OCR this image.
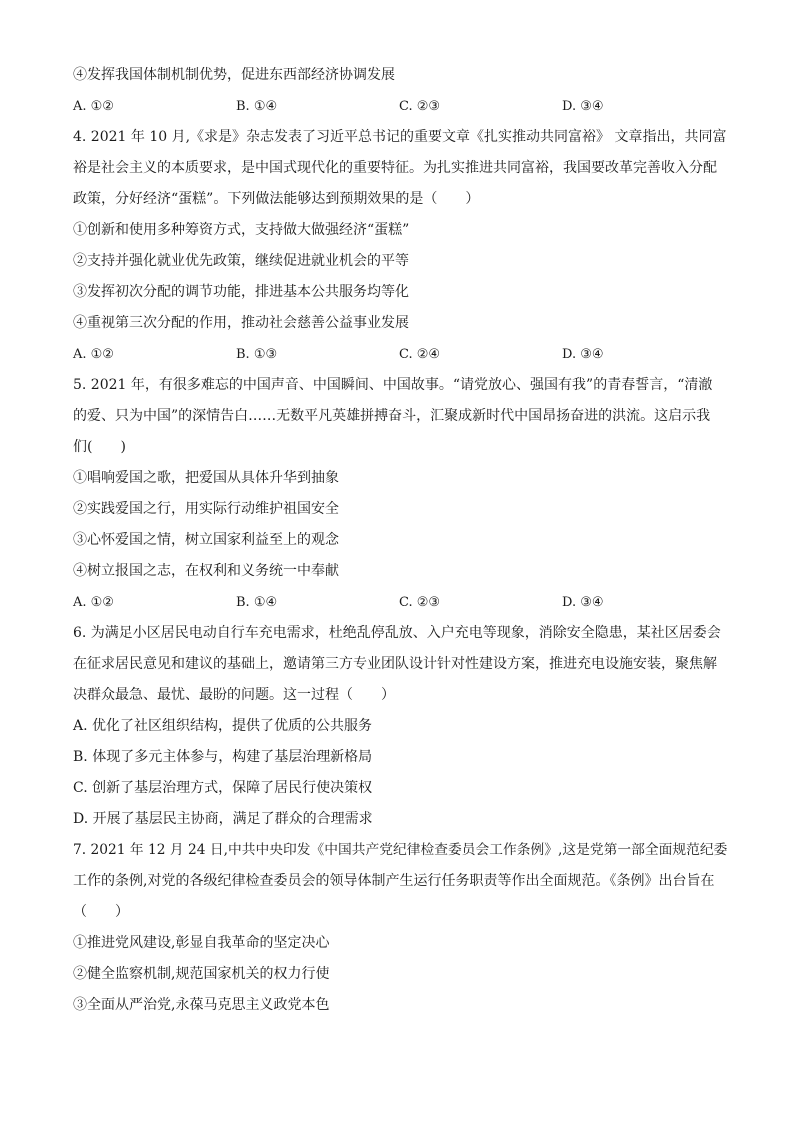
④发挥我国体制机制优势，促进东西部经济协调发展
A. ①②	B. ①④	C. ②③	D. ③④
4. 2021 年 10 月,《求是》杂志发表了习近平总书记的重要文章《扎实推动共同富裕》 文章指出，共同富
裕是社会主义的本质要求，是中国式现代化的重要特征。为扎实推进共同富裕，我国要改革完善收入分配
政策，分好经济“蛋糕”。下列做法能够达到预期效果的是（　　）
①创新和使用多种筹资方式，支持做大做强经济“蛋糕”
②支持并强化就业优先政策，继续促进就业机会的平等
③发挥初次分配的调节功能，排进基本公共服务均等化
④重视第三次分配的作用，推动社会慈善公益事业发展
A. ①②	B. ①③	C. ②④	D. ③④
5. 2021 年，有很多难忘的中国声音、中国瞬间、中国故事。“请党放心、强国有我”的青春誓言，“清澈
的爱、只为中国”的深情告白……无数平凡英雄拼搏奋斗，汇聚成新时代中国昂扬奋进的洪流。这启示我
们(　　)
①唱响爱国之歌，把爱国从具体升华到抽象
②实践爱国之行，用实际行动维护祖国安全
③心怀爱国之情，树立国家利益至上的观念
④树立报国之志，在权利和义务统一中奉献
A. ①②	B. ①④	C. ②③	D. ③④
6. 为满足小区居民电动自行车充电需求，杜绝乱停乱放、入户充电等现象，消除安全隐患，某社区居委会
在征求居民意见和建议的基础上，邀请第三方专业团队设计针对性建设方案，推进充电设施安装，聚焦解
决群众最急、最忧、最盼的问题。这一过程（　　）
A. 优化了社区组织结构，提供了优质的公共服务
B. 体现了多元主体参与，构建了基层治理新格局
C. 创新了基层治理方式，保障了居民行使决策权
D. 开展了基层民主协商，满足了群众的合理需求
7. 2021 年 12 月 24 日,中共中央印发《中国共产党纪律检查委员会工作条例》,这是党第一部全面规范纪委
工作的条例,对党的各级纪律检查委员会的领导体制产生运行任务职责等作出全面规范。《条例》出台旨在
（　　）
①推进党风建设,彰显自我革命的坚定决心
②健全监察机制,规范国家机关的权力行使
③全面从严治党,永葆马克思主义政党本色
